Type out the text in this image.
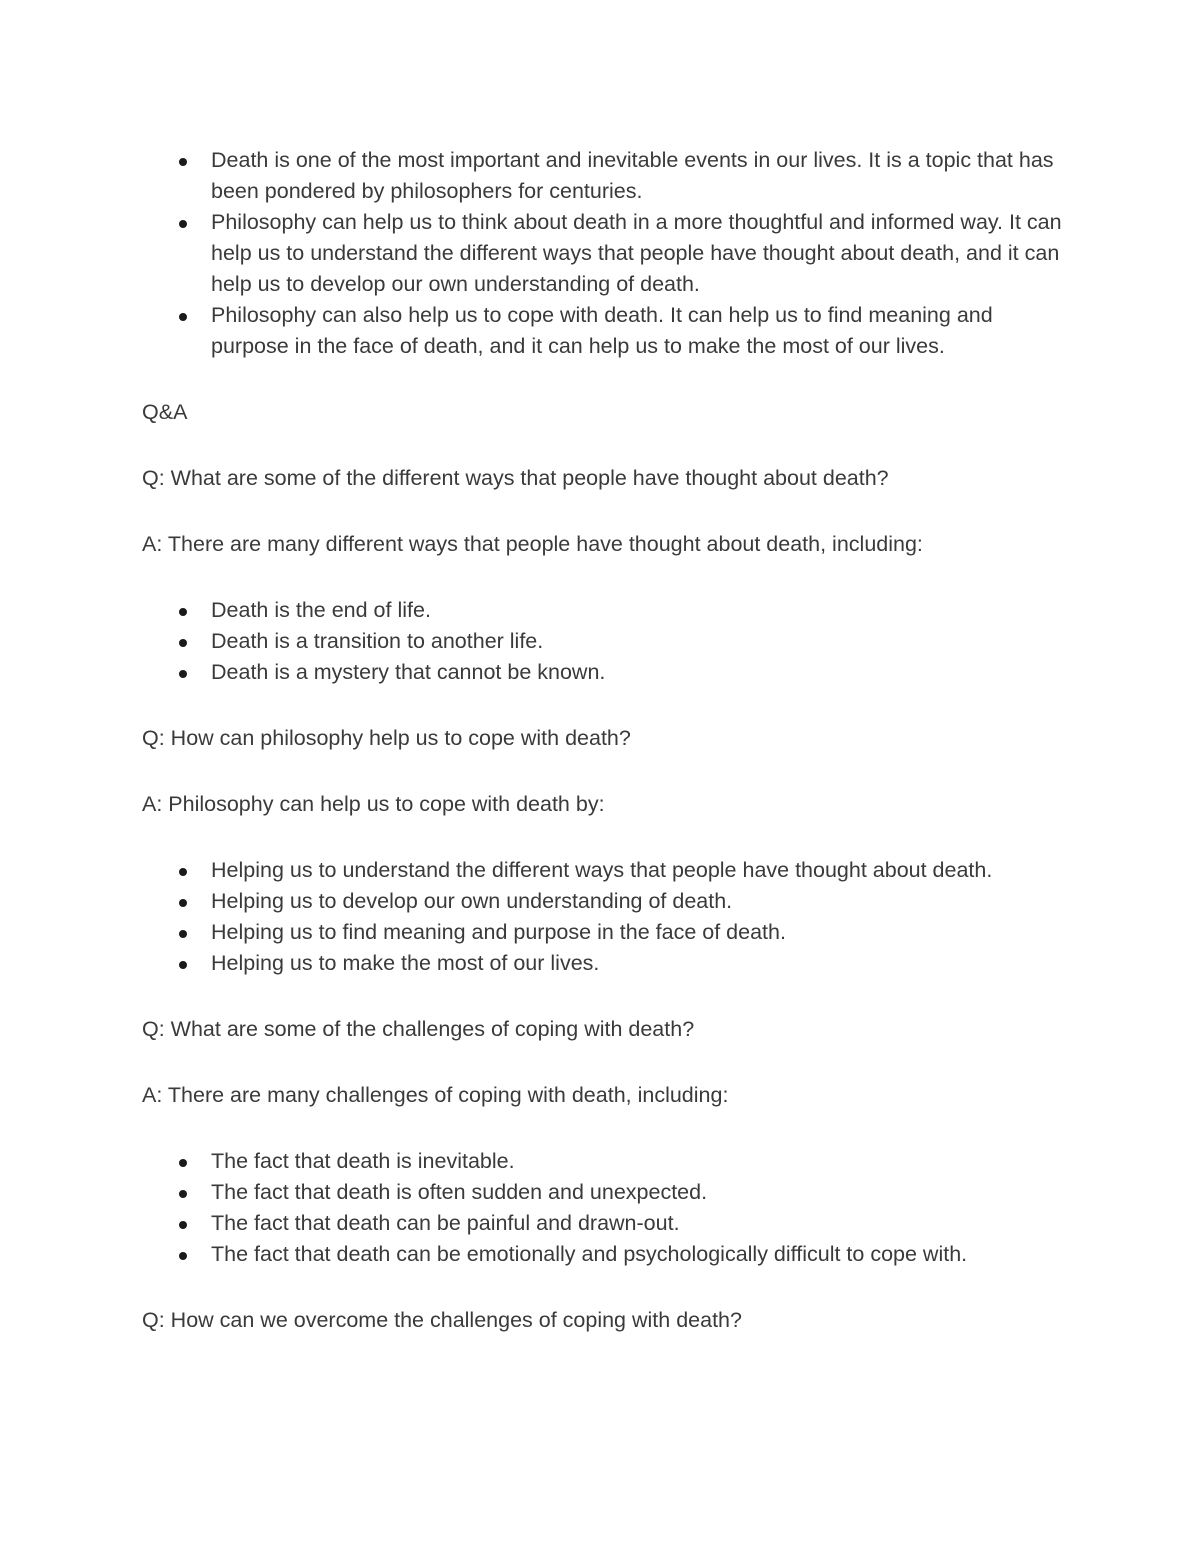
Death is one of the most important and inevitable events in our lives. It is a topic that has been pondered by philosophers for centuries.
Philosophy can help us to think about death in a more thoughtful and informed way. It can help us to understand the different ways that people have thought about death, and it can help us to develop our own understanding of death.
Philosophy can also help us to cope with death. It can help us to find meaning and purpose in the face of death, and it can help us to make the most of our lives.

Q&A

Q: What are some of the different ways that people have thought about death?

A: There are many different ways that people have thought about death, including:

Death is the end of life.
Death is a transition to another life.
Death is a mystery that cannot be known.

Q: How can philosophy help us to cope with death?

A: Philosophy can help us to cope with death by:

Helping us to understand the different ways that people have thought about death.
Helping us to develop our own understanding of death.
Helping us to find meaning and purpose in the face of death.
Helping us to make the most of our lives.

Q: What are some of the challenges of coping with death?

A: There are many challenges of coping with death, including:

The fact that death is inevitable.
The fact that death is often sudden and unexpected.
The fact that death can be painful and drawn-out.
The fact that death can be emotionally and psychologically difficult to cope with.

Q: How can we overcome the challenges of coping with death?
